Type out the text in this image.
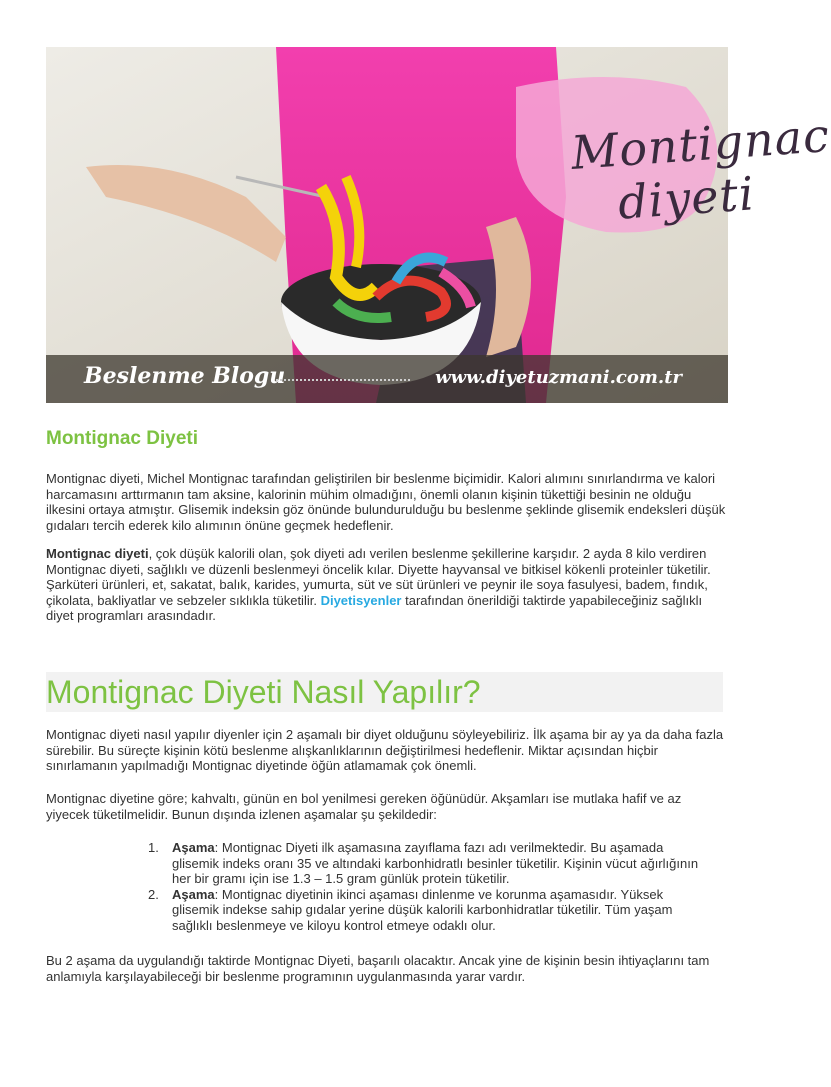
Montignac
diyeti
Beslenme Blogu	www.diyetuzmani.com.tr
Montignac Diyeti

Montignac diyeti, Michel Montignac tarafından geliştirilen bir beslenme biçimidir. Kalori alımını sınırlandırma ve kalori harcamasını arttırmanın tam aksine, kalorinin mühim olmadığını, önemli olanın kişinin tükettiği besinin ne olduğu ilkesini ortaya atmıştır. Glisemik indeksin göz önünde bulundurulduğu bu beslenme şeklinde glisemik endeksleri düşük gıdaları tercih ederek kilo alımının önüne geçmek hedeflenir.

Montignac diyeti, çok düşük kalorili olan, şok diyeti adı verilen beslenme şekillerine karşıdır. 2 ayda 8 kilo verdiren Montignac diyeti, sağlıklı ve düzenli beslenmeyi öncelik kılar. Diyette hayvansal ve bitkisel kökenli proteinler tüketilir. Şarküteri ürünleri, et, sakatat, balık, karides, yumurta, süt ve süt ürünleri ve peynir ile soya fasulyesi, badem, fındık, çikolata, bakliyatlar ve sebzeler sıklıkla tüketilir. Diyetisyenler tarafından önerildiği taktirde yapabileceğiniz sağlıklı diyet programları arasındadır.

Montignac Diyeti Nasıl Yapılır?

Montignac diyeti nasıl yapılır diyenler için 2 aşamalı bir diyet olduğunu söyleyebiliriz. İlk aşama bir ay ya da daha fazla sürebilir. Bu süreçte kişinin kötü beslenme alışkanlıklarının değiştirilmesi hedeflenir. Miktar açısından hiçbir sınırlamanın yapılmadığı Montignac diyetinde öğün atlamamak çok önemli.

Montignac diyetine göre; kahvaltı, günün en bol yenilmesi gereken öğünüdür. Akşamları ise mutlaka hafif ve az yiyecek tüketilmelidir. Bunun dışında izlenen aşamalar şu şekildedir:

1. Aşama: Montignac Diyeti ilk aşamasına zayıflama fazı adı verilmektedir. Bu aşamada glisemik indeks oranı 35 ve altındaki karbonhidratlı besinler tüketilir. Kişinin vücut ağırlığının her bir gramı için ise 1.3 – 1.5 gram günlük protein tüketilir.
2. Aşama: Montignac diyetinin ikinci aşaması dinlenme ve korunma aşamasıdır. Yüksek glisemik indekse sahip gıdalar yerine düşük kalorili karbonhidratlar tüketilir. Tüm yaşam sağlıklı beslenmeye ve kiloyu kontrol etmeye odaklı olur.

Bu 2 aşama da uygulandığı taktirde Montignac Diyeti, başarılı olacaktır. Ancak yine de kişinin besin ihtiyaçlarını tam anlamıyla karşılayabileceği bir beslenme programının uygulanmasında yarar vardır.
